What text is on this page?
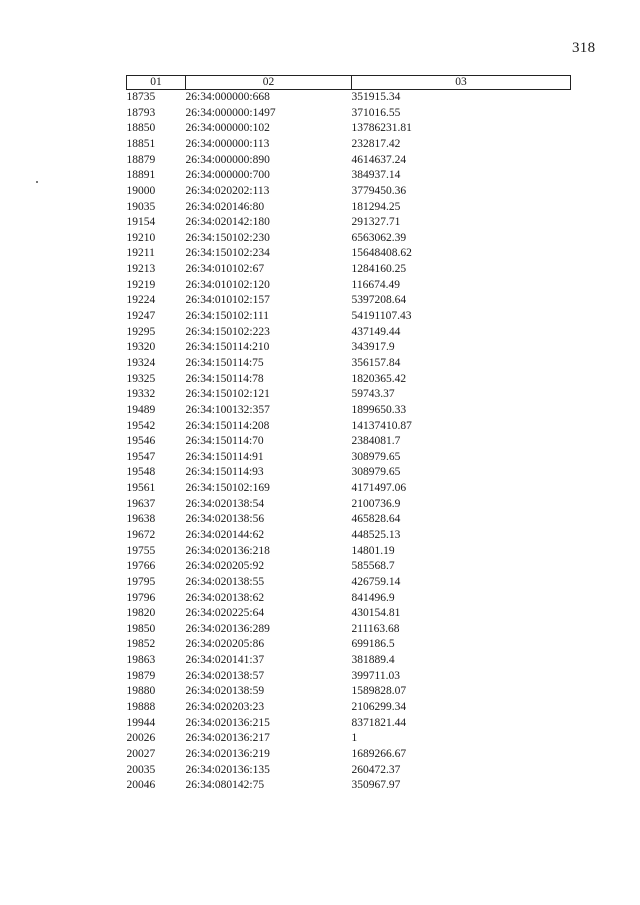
318
01	02	03
18735	26:34:000000:668	351915.34
18793	26:34:000000:1497	371016.55
18850	26:34:000000:102	13786231.81
18851	26:34:000000:113	232817.42
18879	26:34:000000:890	4614637.24
18891	26:34:000000:700	384937.14
19000	26:34:020202:113	3779450.36
19035	26:34:020146:80	181294.25
19154	26:34:020142:180	291327.71
19210	26:34:150102:230	6563062.39
19211	26:34:150102:234	15648408.62
19213	26:34:010102:67	1284160.25
19219	26:34:010102:120	116674.49
19224	26:34:010102:157	5397208.64
19247	26:34:150102:111	54191107.43
19295	26:34:150102:223	437149.44
19320	26:34:150114:210	343917.9
19324	26:34:150114:75	356157.84
19325	26:34:150114:78	1820365.42
19332	26:34:150102:121	59743.37
19489	26:34:100132:357	1899650.33
19542	26:34:150114:208	14137410.87
19546	26:34:150114:70	2384081.7
19547	26:34:150114:91	308979.65
19548	26:34:150114:93	308979.65
19561	26:34:150102:169	4171497.06
19637	26:34:020138:54	2100736.9
19638	26:34:020138:56	465828.64
19672	26:34:020144:62	448525.13
19755	26:34:020136:218	14801.19
19766	26:34:020205:92	585568.7
19795	26:34:020138:55	426759.14
19796	26:34:020138:62	841496.9
19820	26:34:020225:64	430154.81
19850	26:34:020136:289	211163.68
19852	26:34:020205:86	699186.5
19863	26:34:020141:37	381889.4
19879	26:34:020138:57	399711.03
19880	26:34:020138:59	1589828.07
19888	26:34:020203:23	2106299.34
19944	26:34:020136:215	8371821.44
20026	26:34:020136:217	1
20027	26:34:020136:219	1689266.67
20035	26:34:020136:135	260472.37
20046	26:34:080142:75	350967.97
